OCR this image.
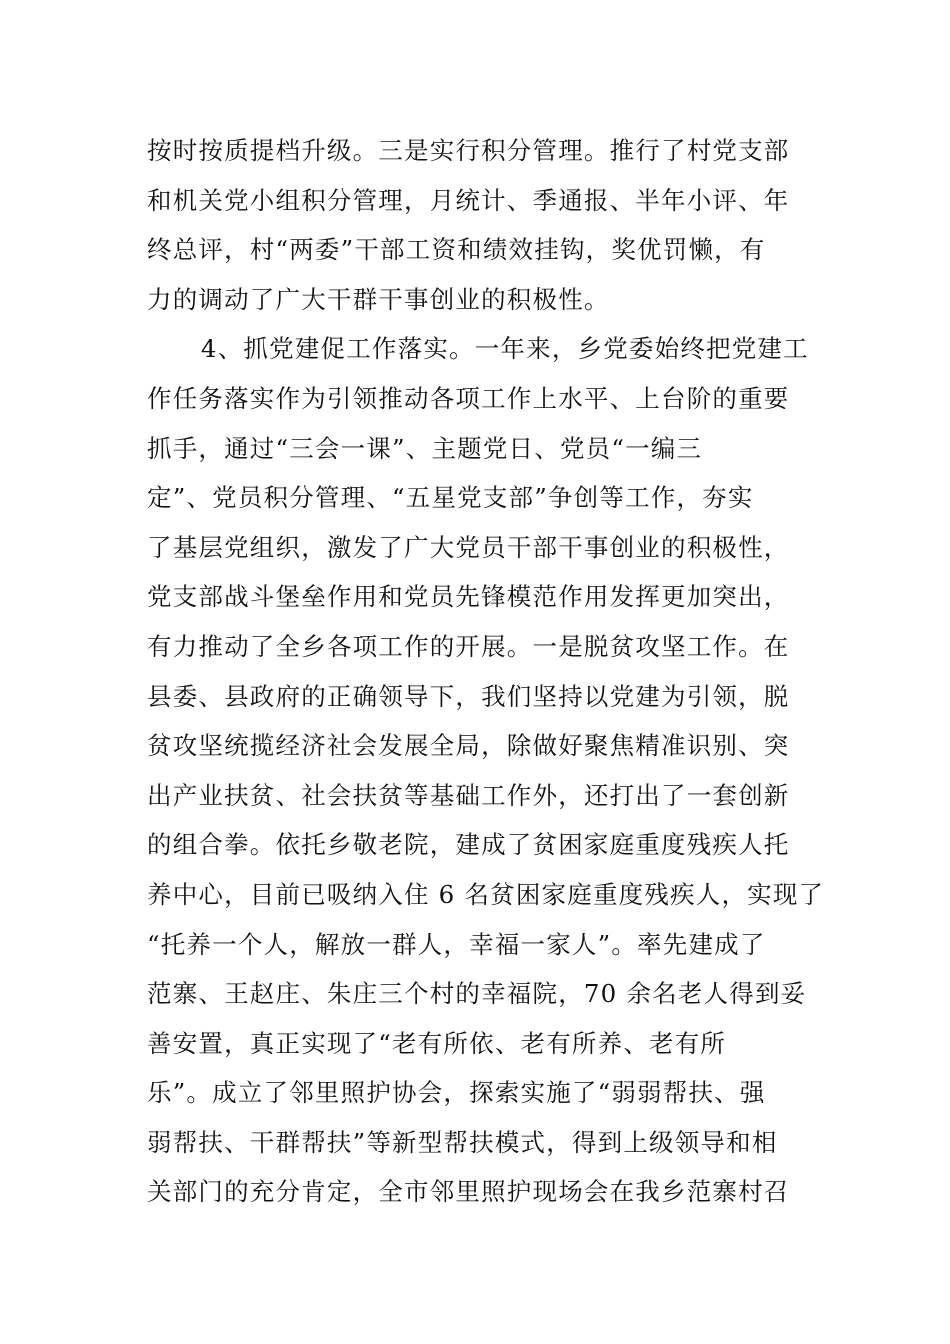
按时按质提档升级。三是实行积分管理。推行了村党支部
和机关党小组积分管理，月统计、季通报、半年小评、年
终总评，村“两委”干部工资和绩效挂钩，奖优罚懒，有
力的调动了广大干群干事创业的积极性。
4、抓党建促工作落实。一年来，乡党委始终把党建工
作任务落实作为引领推动各项工作上水平、上台阶的重要
抓手，通过“三会一课”、主题党日、党员“一编三
定”、党员积分管理、“五星党支部”争创等工作，夯实
了基层党组织，激发了广大党员干部干事创业的积极性，
党支部战斗堡垒作用和党员先锋模范作用发挥更加突出，
有力推动了全乡各项工作的开展。一是脱贫攻坚工作。在
县委、县政府的正确领导下，我们坚持以党建为引领，脱
贫攻坚统揽经济社会发展全局，除做好聚焦精准识别、突
出产业扶贫、社会扶贫等基础工作外，还打出了一套创新
的组合拳。依托乡敬老院，建成了贫困家庭重度残疾人托
养中心，目前已吸纳入住 6 名贫困家庭重度残疾人，实现了
“托养一个人，解放一群人，幸福一家人”。率先建成了
范寨、王赵庄、朱庄三个村的幸福院，70 余名老人得到妥
善安置，真正实现了“老有所依、老有所养、老有所
乐”。成立了邻里照护协会，探索实施了“弱弱帮扶、强
弱帮扶、干群帮扶”等新型帮扶模式，得到上级领导和相
关部门的充分肯定，全市邻里照护现场会在我乡范寨村召
